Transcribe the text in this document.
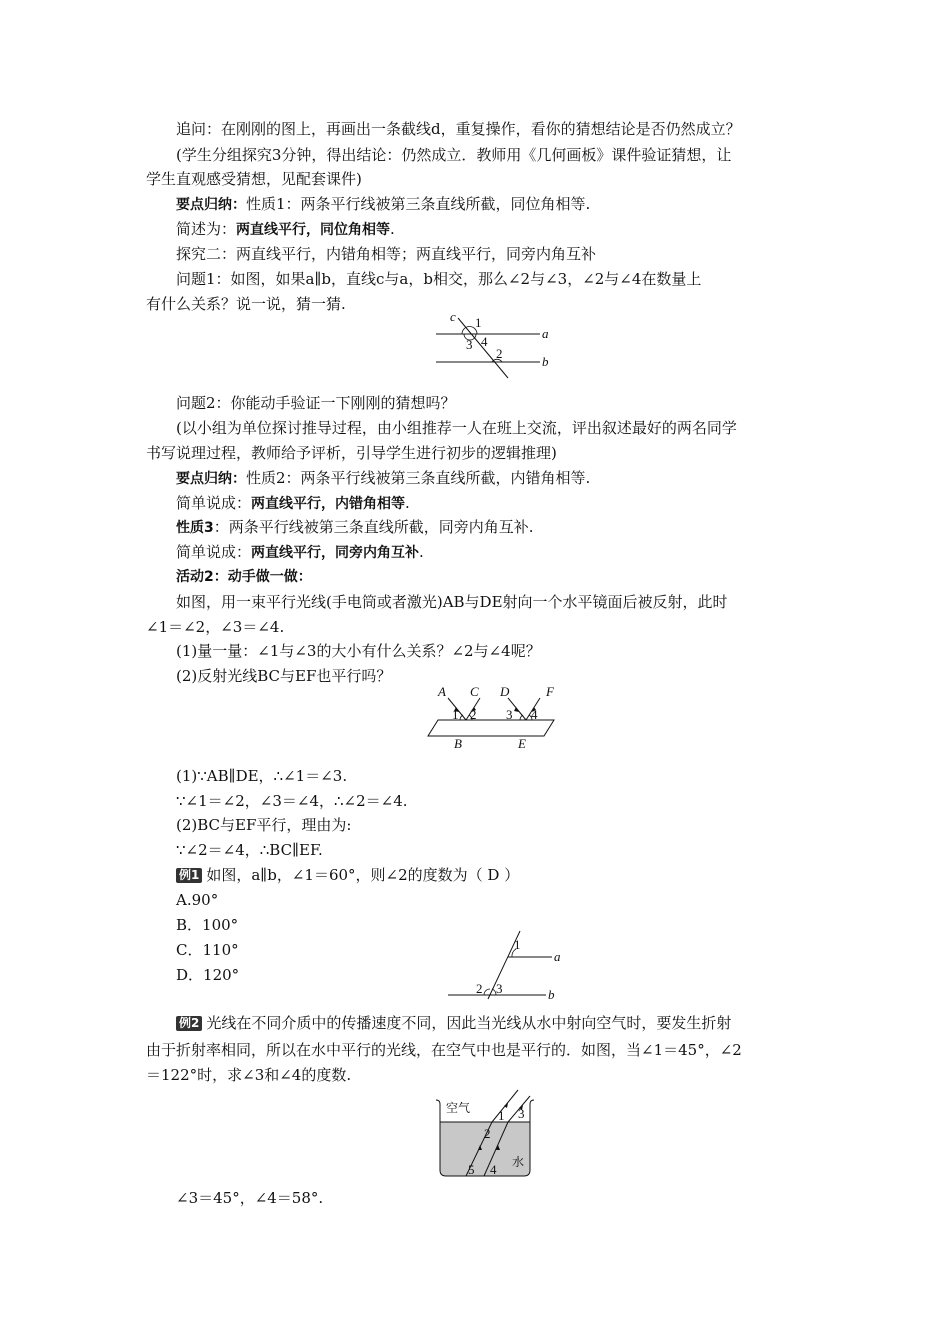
追问：在刚刚的图上，再画出一条截线d，重复操作，看你的猜想结论是否仍然成立？
(学生分组探究3分钟，得出结论：仍然成立．教师用《几何画板》课件验证猜想，让
学生直观感受猜想，见配套课件)
要点归纳：性质1：两条平行线被第三条直线所截，同位角相等.
简述为：两直线平行，同位角相等.
探究二：两直线平行，内错角相等；两直线平行，同旁内角互补
问题1：如图，如果a∥b，直线c与a，b相交，那么∠2与∠3，∠2与∠4在数量上
有什么关系？说一说，猜一猜.
c 1
3 4
2
a
b
问题2：你能动手验证一下刚刚的猜想吗？
(以小组为单位探讨推导过程，由小组推荐一人在班上交流，评出叙述最好的两名同学
书写说理过程，教师给予评析，引导学生进行初步的逻辑推理)
要点归纳：性质2：两条平行线被第三条直线所截，内错角相等.
简单说成：两直线平行，内错角相等.
性质3：两条平行线被第三条直线所截，同旁内角互补.
简单说成：两直线平行，同旁内角互补.
活动2：动手做一做：
如图，用一束平行光线(手电筒或者激光)AB与DE射向一个水平镜面后被反射，此时
∠1＝∠2，∠3＝∠4.
(1)量一量：∠1与∠3的大小有什么关系？∠2与∠4呢？
(2)反射光线BC与EF也平行吗？
A C D	F
1 2 3 4
B	E
(1)∵AB∥DE，∴∠1＝∠3.
∵∠1＝∠2，∠3＝∠4，∴∠2＝∠4.
(2)BC与EF平行，理由为:
∵∠2＝∠4，∴BC∥EF.
例1 如图，a∥b，∠1＝60°，则∠2的度数为（ D ）
A.90°
B．100°
C．110°
D．120°
1
2 3
a
b
例2 光线在不同介质中的传播速度不同，因此当光线从水中射向空气时，要发生折射
由于折射率相同，所以在水中平行的光线，在空气中也是平行的．如图，当∠1＝45°，∠2
＝122°时，求∠3和∠4的度数.
空气
水
1
2
3
4
5
∠3＝45°，∠4＝58°.
